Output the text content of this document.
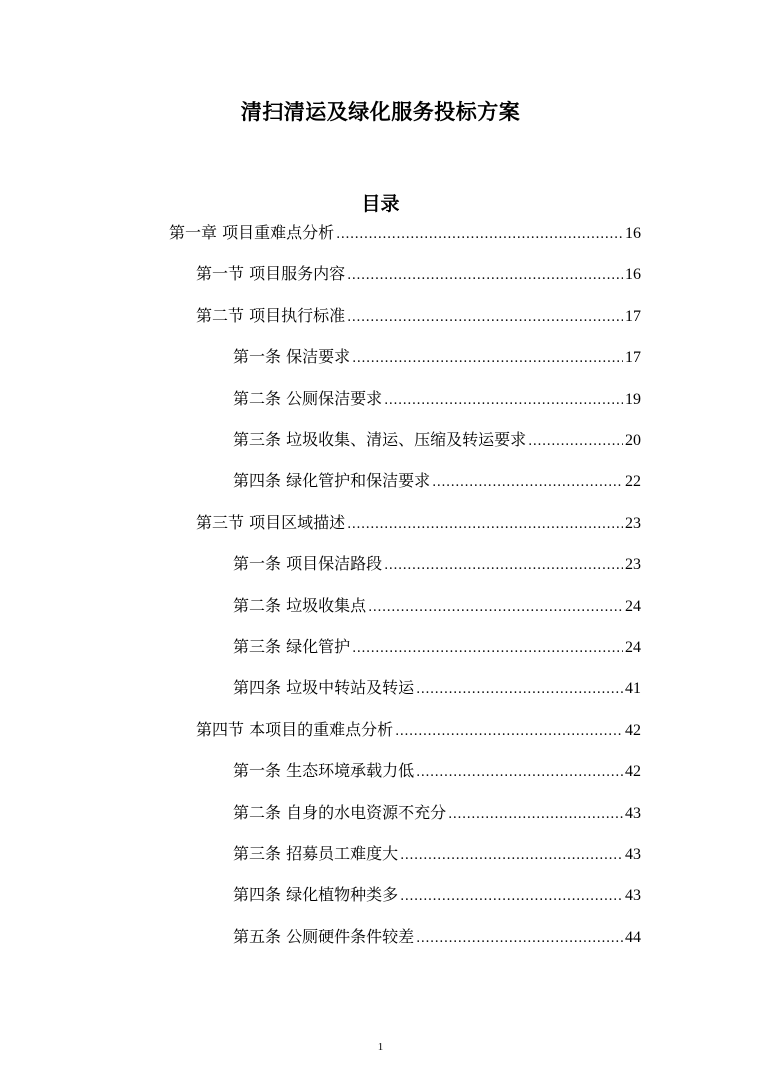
清扫清运及绿化服务投标方案
目录
第一章 项目重难点分析 .....	16
第一节 项目服务内容 .....	16
第二节 项目执行标准 .....	17
第一条 保洁要求 .....	17
第二条 公厕保洁要求 .....	19
第三条 垃圾收集、清运、压缩及转运要求 .....	20
第四条 绿化管护和保洁要求 .....	22
第三节 项目区域描述 .....	23
第一条 项目保洁路段 .....	23
第二条 垃圾收集点 .....	24
第三条 绿化管护 .....	24
第四条 垃圾中转站及转运 .....	41
第四节 本项目的重难点分析 .....	42
第一条 生态环境承载力低 .....	42
第二条 自身的水电资源不充分 .....	43
第三条 招募员工难度大 .....	43
第四条 绿化植物种类多 .....	43
第五条 公厕硬件条件较差 .....	44
1
